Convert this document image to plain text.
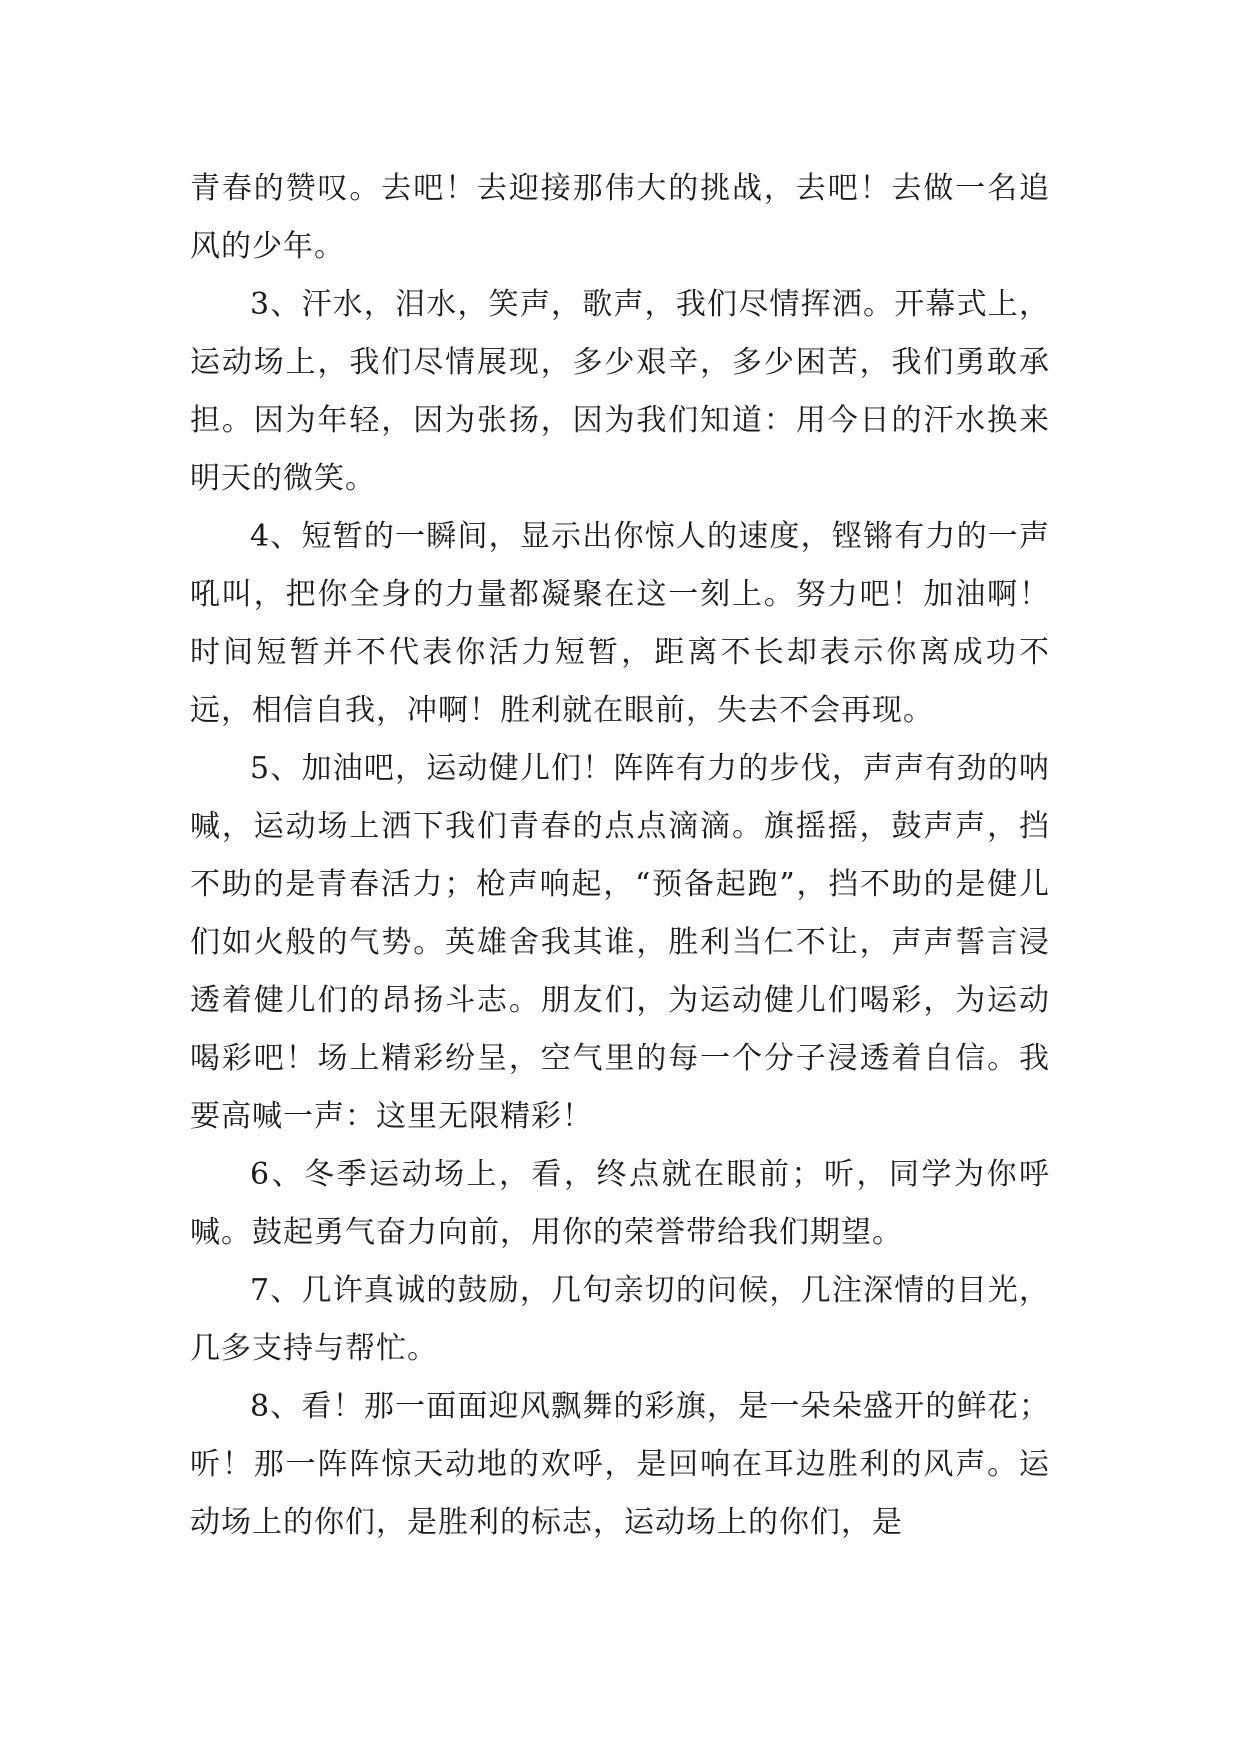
青春的赞叹。去吧！去迎接那伟大的挑战，去吧！去做一名追风的少年。

3、汗水，泪水，笑声，歌声，我们尽情挥洒。开幕式上，运动场上，我们尽情展现，多少艰辛，多少困苦，我们勇敢承担。因为年轻，因为张扬，因为我们知道：用今日的汗水换来明天的微笑。

4、短暂的一瞬间，显示出你惊人的速度，铿锵有力的一声吼叫，把你全身的力量都凝聚在这一刻上。努力吧！加油啊！时间短暂并不代表你活力短暂，距离不长却表示你离成功不远，相信自我，冲啊！胜利就在眼前，失去不会再现。

5、加油吧，运动健儿们！阵阵有力的步伐，声声有劲的呐喊，运动场上洒下我们青春的点点滴滴。旗摇摇，鼓声声，挡不助的是青春活力；枪声响起，“预备起跑”，挡不助的是健儿们如火般的气势。英雄舍我其谁，胜利当仁不让，声声誓言浸透着健儿们的昂扬斗志。朋友们，为运动健儿们喝彩，为运动喝彩吧！场上精彩纷呈，空气里的每一个分子浸透着自信。我要高喊一声：这里无限精彩！

6、冬季运动场上，看，终点就在眼前；听，同学为你呼喊。鼓起勇气奋力向前，用你的荣誉带给我们期望。

7、几许真诚的鼓励，几句亲切的问候，几注深情的目光，几多支持与帮忙。

8、看！那一面面迎风飘舞的彩旗，是一朵朵盛开的鲜花；听！那一阵阵惊天动地的欢呼，是回响在耳边胜利的风声。运动场上的你们，是胜利的标志，运动场上的你们，是
